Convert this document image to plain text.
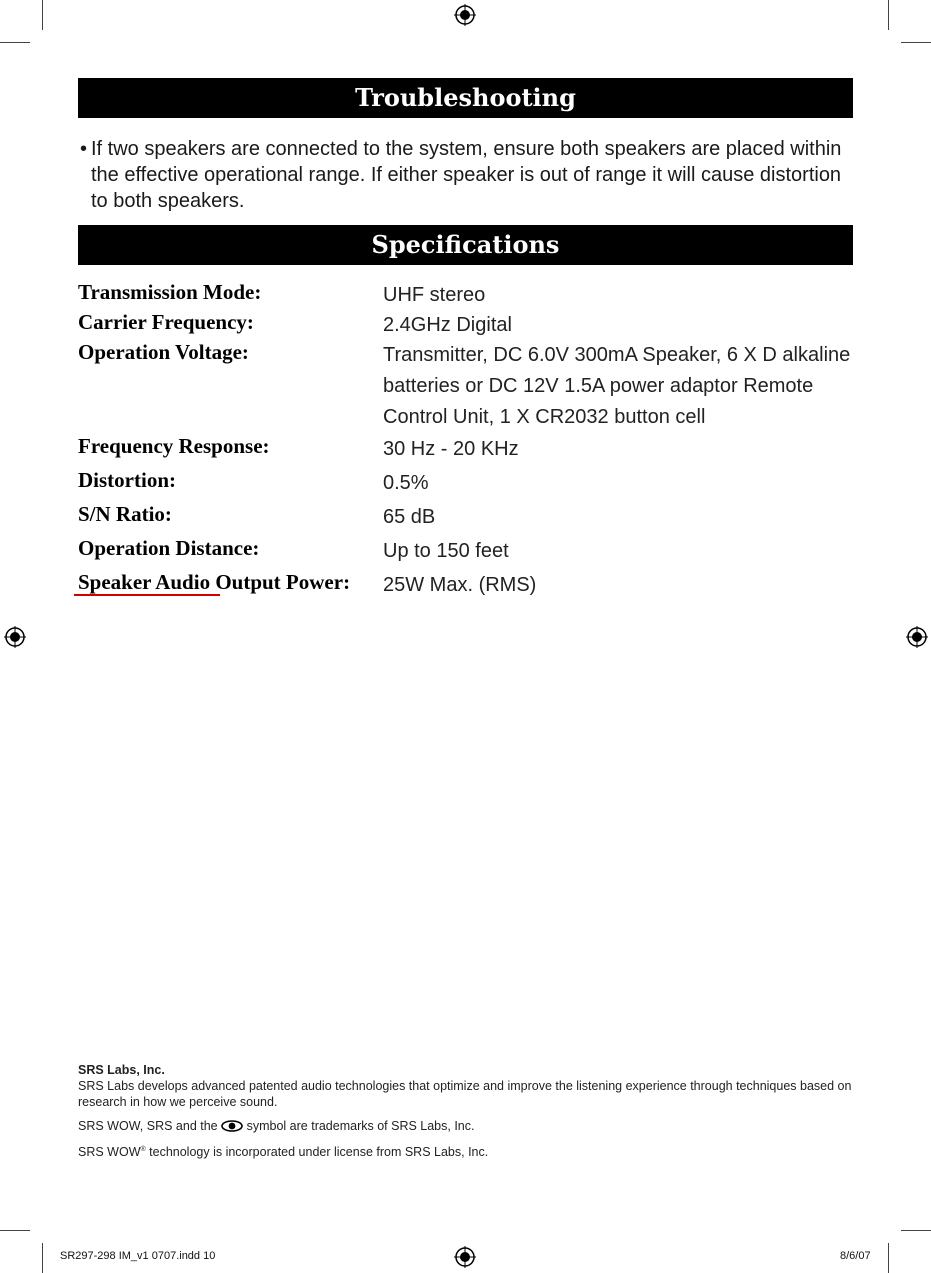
Troubleshooting
• If two speakers are connected to the system, ensure both speakers are placed within the effective operational range. If either speaker is out of range it will cause distortion to both speakers.
Specifications
Transmission Mode:	UHF stereo
Carrier Frequency:	2.4GHz Digital
Operation Voltage:	Transmitter, DC 6.0V 300mA Speaker, 6 X D alkaline batteries or DC 12V 1.5A power adaptor Remote Control Unit, 1 X CR2032 button cell
Frequency Response:	30 Hz - 20 KHz
Distortion:	0.5%
S/N Ratio:	65 dB
Operation Distance:	Up to 150 feet
Speaker Audio Output Power: 25W Max. (RMS)
SRS Labs, Inc.

SRS Labs develops advanced patented audio technologies that optimize and improve the listening experience through techniques based on research in how we perceive sound.

SRS WOW, SRS and the symbol are trademarks of SRS Labs, Inc.

SRS WOW® technology is incorporated under license from SRS Labs, Inc.

SR297-298 IM_v1 0707.indd 10	8/6/07
